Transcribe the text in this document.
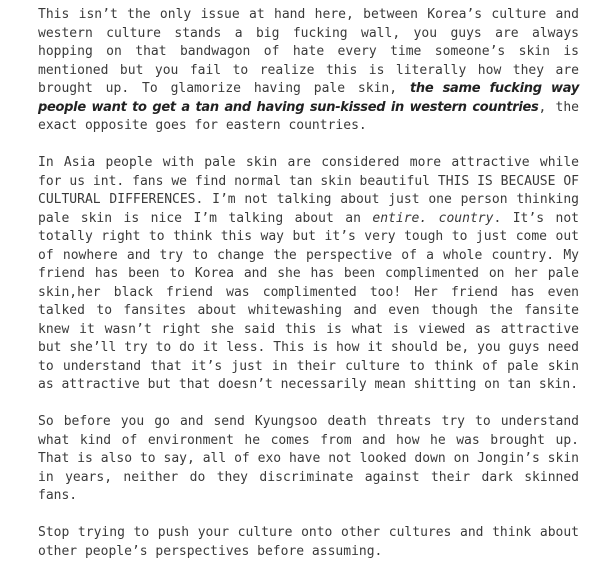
This isn’t the only issue at hand here, between Korea’s culture and western culture stands a big fucking wall, you guys are always hopping on that bandwagon of hate every time someone’s skin is mentioned but you fail to realize this is literally how they are brought up. To glamorize having pale skin, the same fucking way people want to get a tan and having sun-kissed in western countries, the exact opposite goes for eastern countries.

In Asia people with pale skin are considered more attractive while for us int. fans we find normal tan skin beautiful THIS IS BECAUSE OF CULTURAL DIFFERENCES. I’m not talking about just one person thinking pale skin is nice I’m talking about an entire. country. It’s not totally right to think this way but it’s very tough to just come out of nowhere and try to change the perspective of a whole country. My friend has been to Korea and she has been complimented on her pale skin,her black friend was complimented too! Her friend has even talked to fansites about whitewashing and even though the fansite knew it wasn’t right she said this is what is viewed as attractive but she’ll try to do it less. This is how it should be, you guys need to understand that it’s just in their culture to think of pale skin as attractive but that doesn’t necessarily mean shitting on tan skin.

So before you go and send Kyungsoo death threats try to understand what kind of environment he comes from and how he was brought up. That is also to say, all of exo have not looked down on Jongin’s skin in years, neither do they discriminate against their dark skinned fans.

Stop trying to push your culture onto other cultures and think about other people’s perspectives before assuming.
